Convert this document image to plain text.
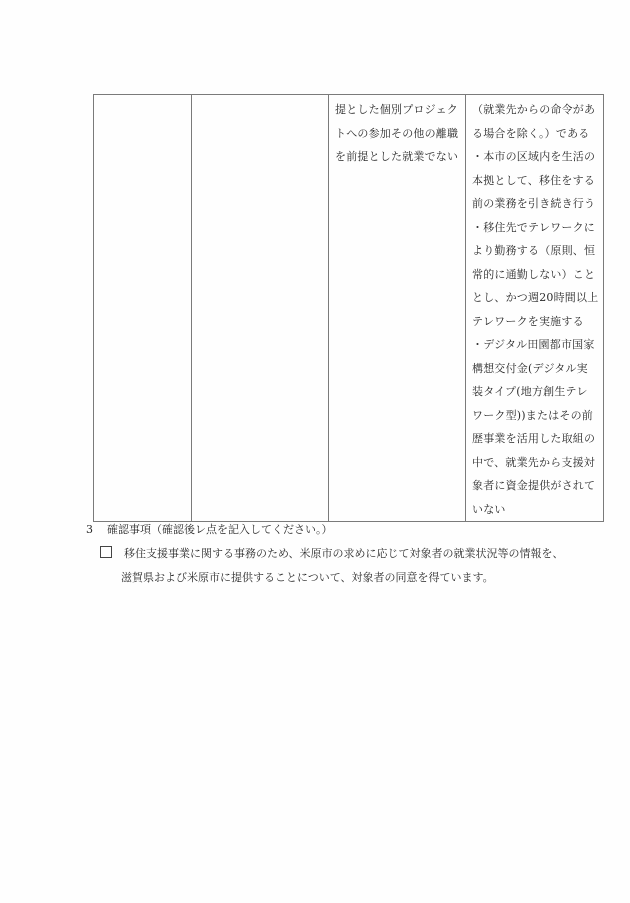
提とした個別プロジェク
トへの参加その他の離職
を前提とした就業でない

（就業先からの命令があ
る場合を除く。）である
・本市の区域内を生活の
本拠として、移住をする
前の業務を引き続き行う
・移住先でテレワークに
より勤務する（原則、恒
常的に通勤しない）こと
とし、かつ週20時間以上
テレワークを実施する
・デジタル田園都市国家
構想交付金(デジタル実
装タイプ(地方創生テレ
ワーク型))またはその前
歴事業を活用した取組の
中で、就業先から支援対
象者に資金提供がされて
いない
3 確認事項（確認後レ点を記入してください。）
移住支援事業に関する事務のため、米原市の求めに応じて対象者の就業状況等の情報を、
滋賀県および米原市に提供することについて、対象者の同意を得ています。
